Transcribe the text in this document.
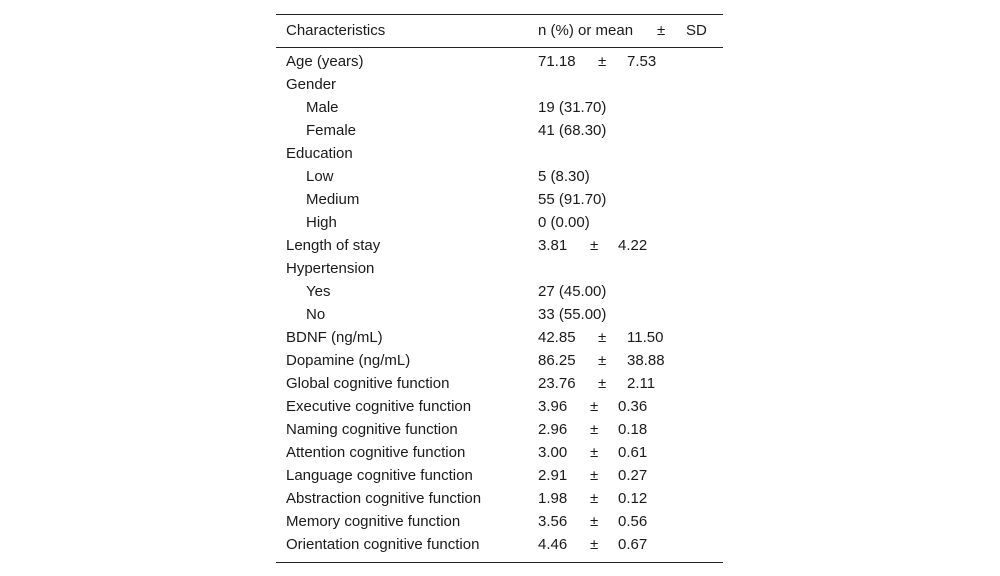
Characteristics	n (%) or mean ± SD
Age (years)	71.18 ± 7.53
Gender
Male	19 (31.70)
Female	41 (68.30)
Education
Low	5 (8.30)
Medium	55 (91.70)
High	0 (0.00)
Length of stay	3.81 ± 4.22
Hypertension
Yes	27 (45.00)
No	33 (55.00)
BDNF (ng/mL)	42.85 ± 11.50
Dopamine (ng/mL)	86.25 ± 38.88
Global cognitive function	23.76 ± 2.11
Executive cognitive function	3.96 ± 0.36
Naming cognitive function	2.96 ± 0.18
Attention cognitive function	3.00 ± 0.61
Language cognitive function	2.91 ± 0.27
Abstraction cognitive function	1.98 ± 0.12
Memory cognitive function	3.56 ± 0.56
Orientation cognitive function	4.46 ± 0.67
